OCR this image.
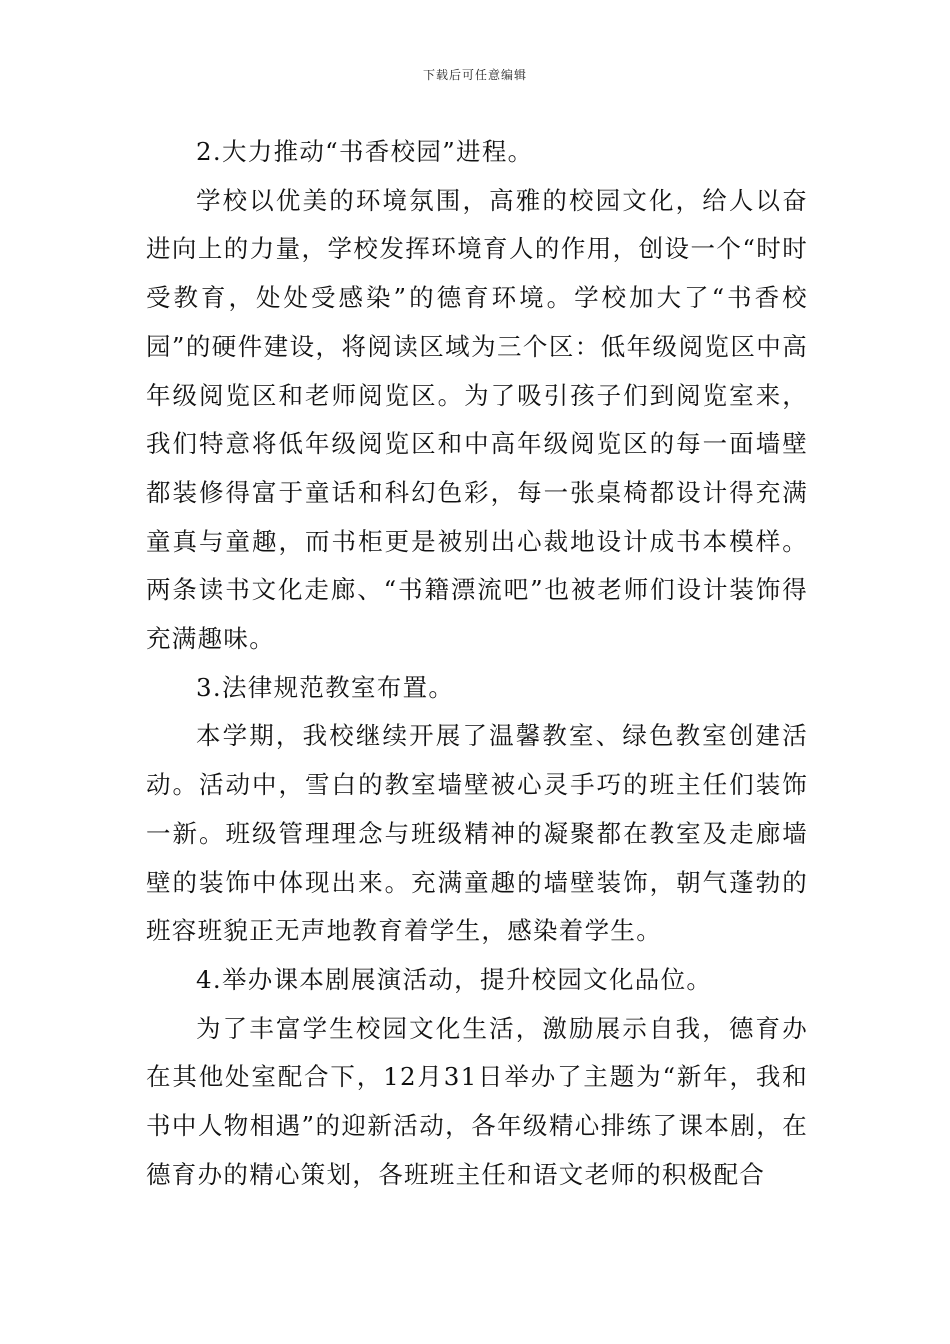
下载后可任意编辑

2.大力推动“书香校园”进程。

学校以优美的环境氛围，高雅的校园文化，给人以奋进向上的力量，学校发挥环境育人的作用，创设一个“时时受教育，处处受感染”的德育环境。学校加大了“书香校园”的硬件建设，将阅读区域为三个区：低年级阅览区中高年级阅览区和老师阅览区。为了吸引孩子们到阅览室来，我们特意将低年级阅览区和中高年级阅览区的每一面墙壁都装修得富于童话和科幻色彩，每一张桌椅都设计得充满童真与童趣，而书柜更是被别出心裁地设计成书本模样。两条读书文化走廊、“书籍漂流吧”也被老师们设计装饰得充满趣味。

3.法律规范教室布置。

本学期，我校继续开展了温馨教室、绿色教室创建活动。活动中，雪白的教室墙壁被心灵手巧的班主任们装饰一新。班级管理理念与班级精神的凝聚都在教室及走廊墙壁的装饰中体现出来。充满童趣的墙壁装饰，朝气蓬勃的班容班貌正无声地教育着学生，感染着学生。

4.举办课本剧展演活动，提升校园文化品位。

为了丰富学生校园文化生活，激励展示自我，德育办在其他处室配合下，12月31日举办了主题为“新年，我和书中人物相遇”的迎新活动，各年级精心排练了课本剧，在德育办的精心策划，各班班主任和语文老师的积极配合
